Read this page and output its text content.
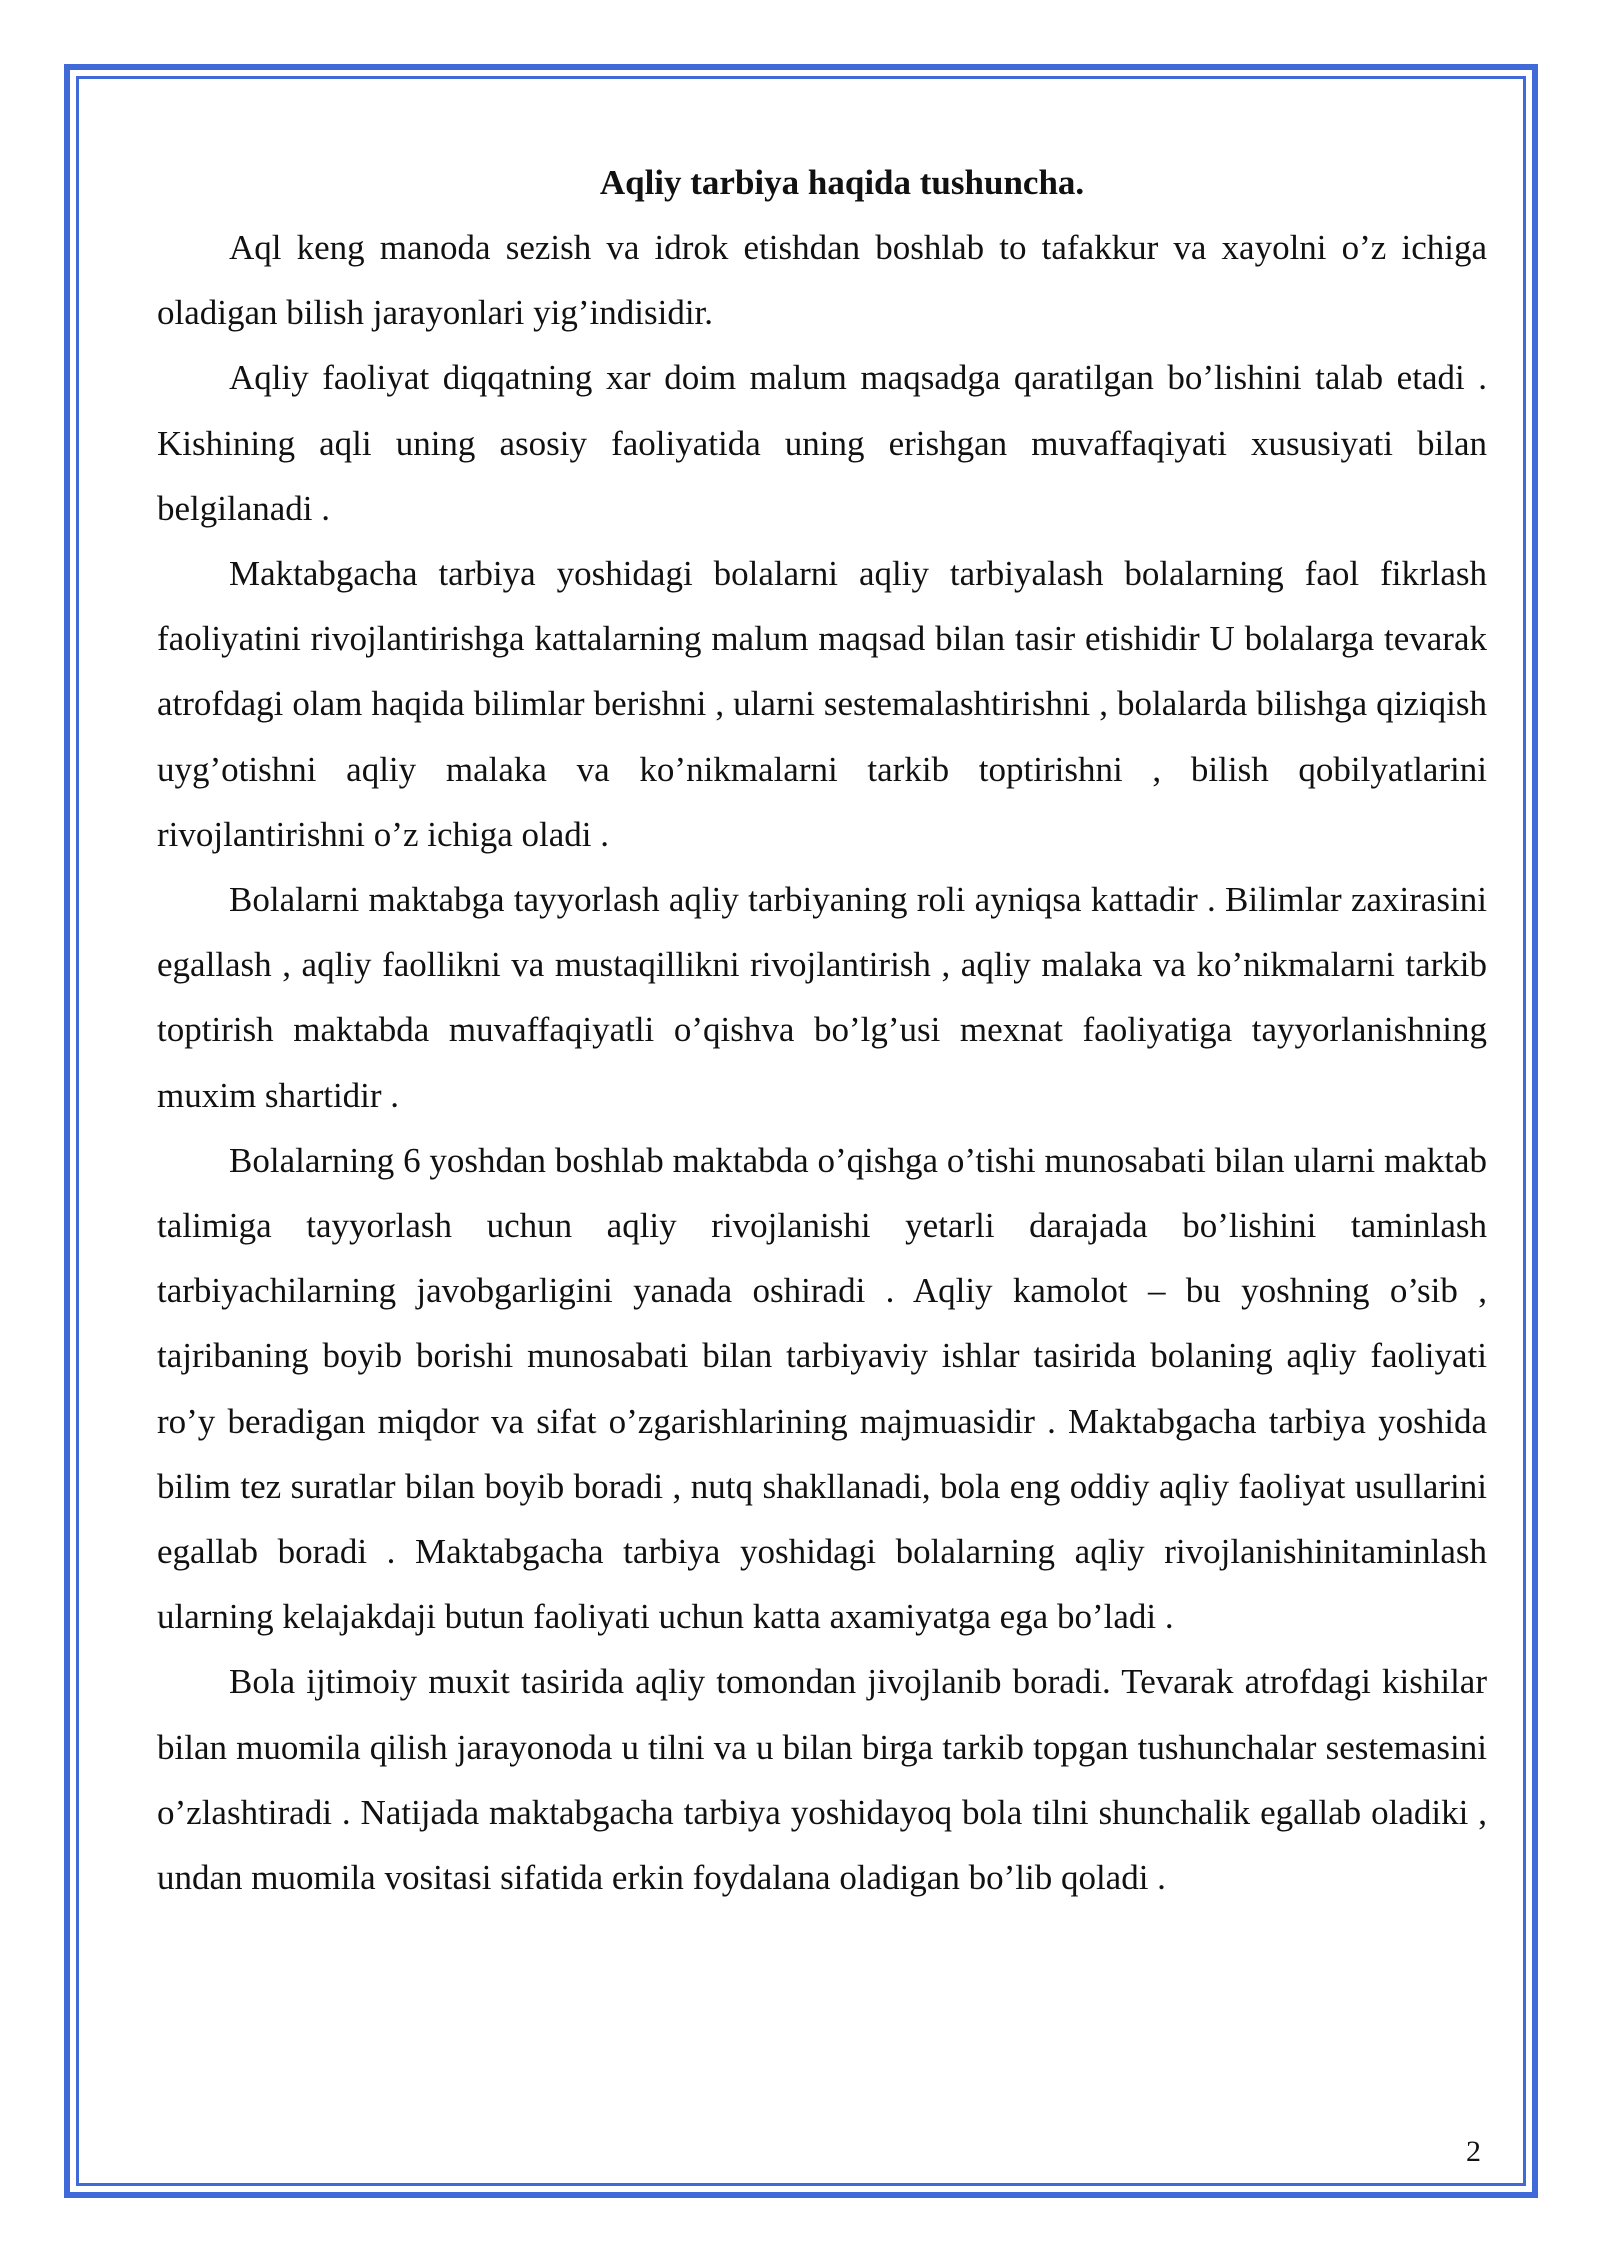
Aqliy tarbiya haqida tushuncha.

Aql keng manoda sezish va idrok etishdan boshlab to tafakkur va xayolni o’z ichiga oladigan bilish jarayonlari yig’indisidir.

Aqliy faoliyat diqqatning xar doim malum maqsadga qaratilgan bo’lishini talab etadi . Kishining aqli uning asosiy faoliyatida uning erishgan muvaffaqiyati xususiyati bilan belgilanadi .

Maktabgacha tarbiya yoshidagi bolalarni aqliy tarbiyalash bolalarning faol fikrlash faoliyatini rivojlantirishga kattalarning malum maqsad bilan tasir etishidir U bolalarga tevarak atrofdagi olam haqida bilimlar berishni , ularni sestemalashtirishni , bolalarda bilishga qiziqish uyg’otishni aqliy malaka va ko’nikmalarni tarkib toptirishni , bilish qobilyatlarini rivojlantirishni o’z ichiga oladi .

Bolalarni maktabga tayyorlash aqliy tarbiyaning roli ayniqsa kattadir . Bilimlar zaxirasini egallash , aqliy faollikni va mustaqillikni rivojlantirish , aqliy malaka va ko’nikmalarni tarkib toptirish maktabda muvaffaqiyatli o’qishva bo’lg’usi mexnat faoliyatiga tayyorlanishning muxim shartidir .

Bolalarning 6 yoshdan boshlab maktabda o’qishga o’tishi munosabati bilan ularni maktab talimiga tayyorlash uchun aqliy rivojlanishi yetarli darajada bo’lishini taminlash tarbiyachilarning javobgarligini yanada oshiradi . Aqliy kamolot – bu yoshning o’sib , tajribaning boyib borishi munosabati bilan tarbiyaviy ishlar tasirida bolaning aqliy faoliyati ro’y beradigan miqdor va sifat o’zgarishlarining majmuasidir . Maktabgacha tarbiya yoshida bilim tez suratlar bilan boyib boradi , nutq shakllanadi, bola eng oddiy aqliy faoliyat usullarini egallab boradi . Maktabgacha tarbiya yoshidagi bolalarning aqliy rivojlanishinitaminlash ularning kelajakdaji butun faoliyati uchun katta axamiyatga ega bo’ladi .

Bola ijtimoiy muxit tasirida aqliy tomondan jivojlanib boradi. Tevarak atrofdagi kishilar bilan muomila qilish jarayonoda u tilni va u bilan birga tarkib topgan tushunchalar sestemasini o’zlashtiradi . Natijada maktabgacha tarbiya yoshidayoq bola tilni shunchalik egallab oladiki , undan muomila vositasi sifatida erkin foydalana oladigan bo’lib qoladi .

2
